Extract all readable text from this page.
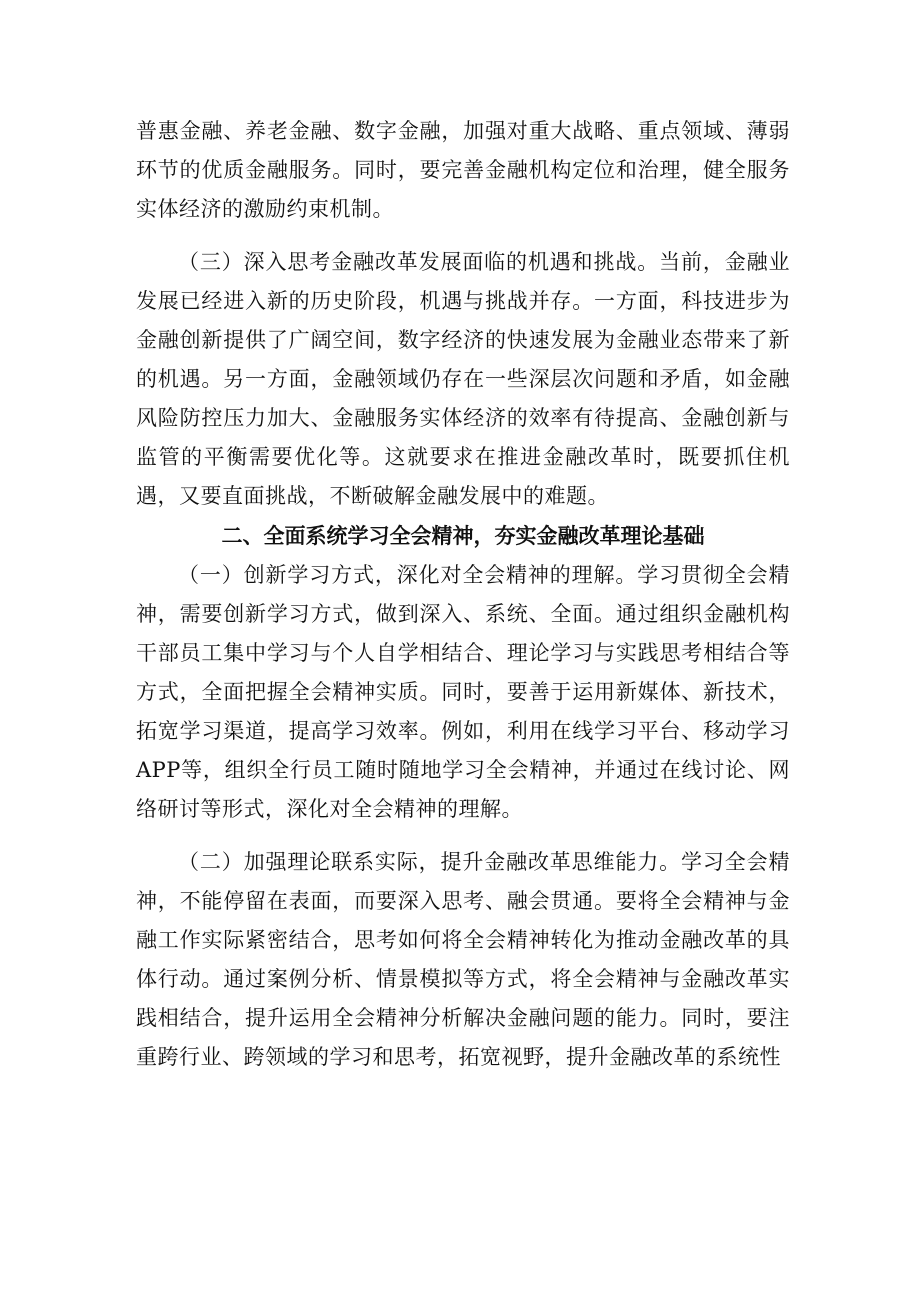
普惠金融、养老金融、数字金融，加强对重大战略、重点领域、薄弱环节的优质金融服务。同时，要完善金融机构定位和治理，健全服务实体经济的激励约束机制。

（三）深入思考金融改革发展面临的机遇和挑战。当前，金融业发展已经进入新的历史阶段，机遇与挑战并存。一方面，科技进步为金融创新提供了广阔空间，数字经济的快速发展为金融业态带来了新的机遇。另一方面，金融领域仍存在一些深层次问题和矛盾，如金融风险防控压力加大、金融服务实体经济的效率有待提高、金融创新与监管的平衡需要优化等。这就要求在推进金融改革时，既要抓住机遇，又要直面挑战，不断破解金融发展中的难题。

二、全面系统学习全会精神，夯实金融改革理论基础

（一）创新学习方式，深化对全会精神的理解。学习贯彻全会精神，需要创新学习方式，做到深入、系统、全面。通过组织金融机构干部员工集中学习与个人自学相结合、理论学习与实践思考相结合等方式，全面把握全会精神实质。同时，要善于运用新媒体、新技术，拓宽学习渠道，提高学习效率。例如，利用在线学习平台、移动学习APP等，组织全行员工随时随地学习全会精神，并通过在线讨论、网络研讨等形式，深化对全会精神的理解。

（二）加强理论联系实际，提升金融改革思维能力。学习全会精神，不能停留在表面，而要深入思考、融会贯通。要将全会精神与金融工作实际紧密结合，思考如何将全会精神转化为推动金融改革的具体行动。通过案例分析、情景模拟等方式，将全会精神与金融改革实践相结合，提升运用全会精神分析解决金融问题的能力。同时，要注重跨行业、跨领域的学习和思考，拓宽视野，提升金融改革的系统性
